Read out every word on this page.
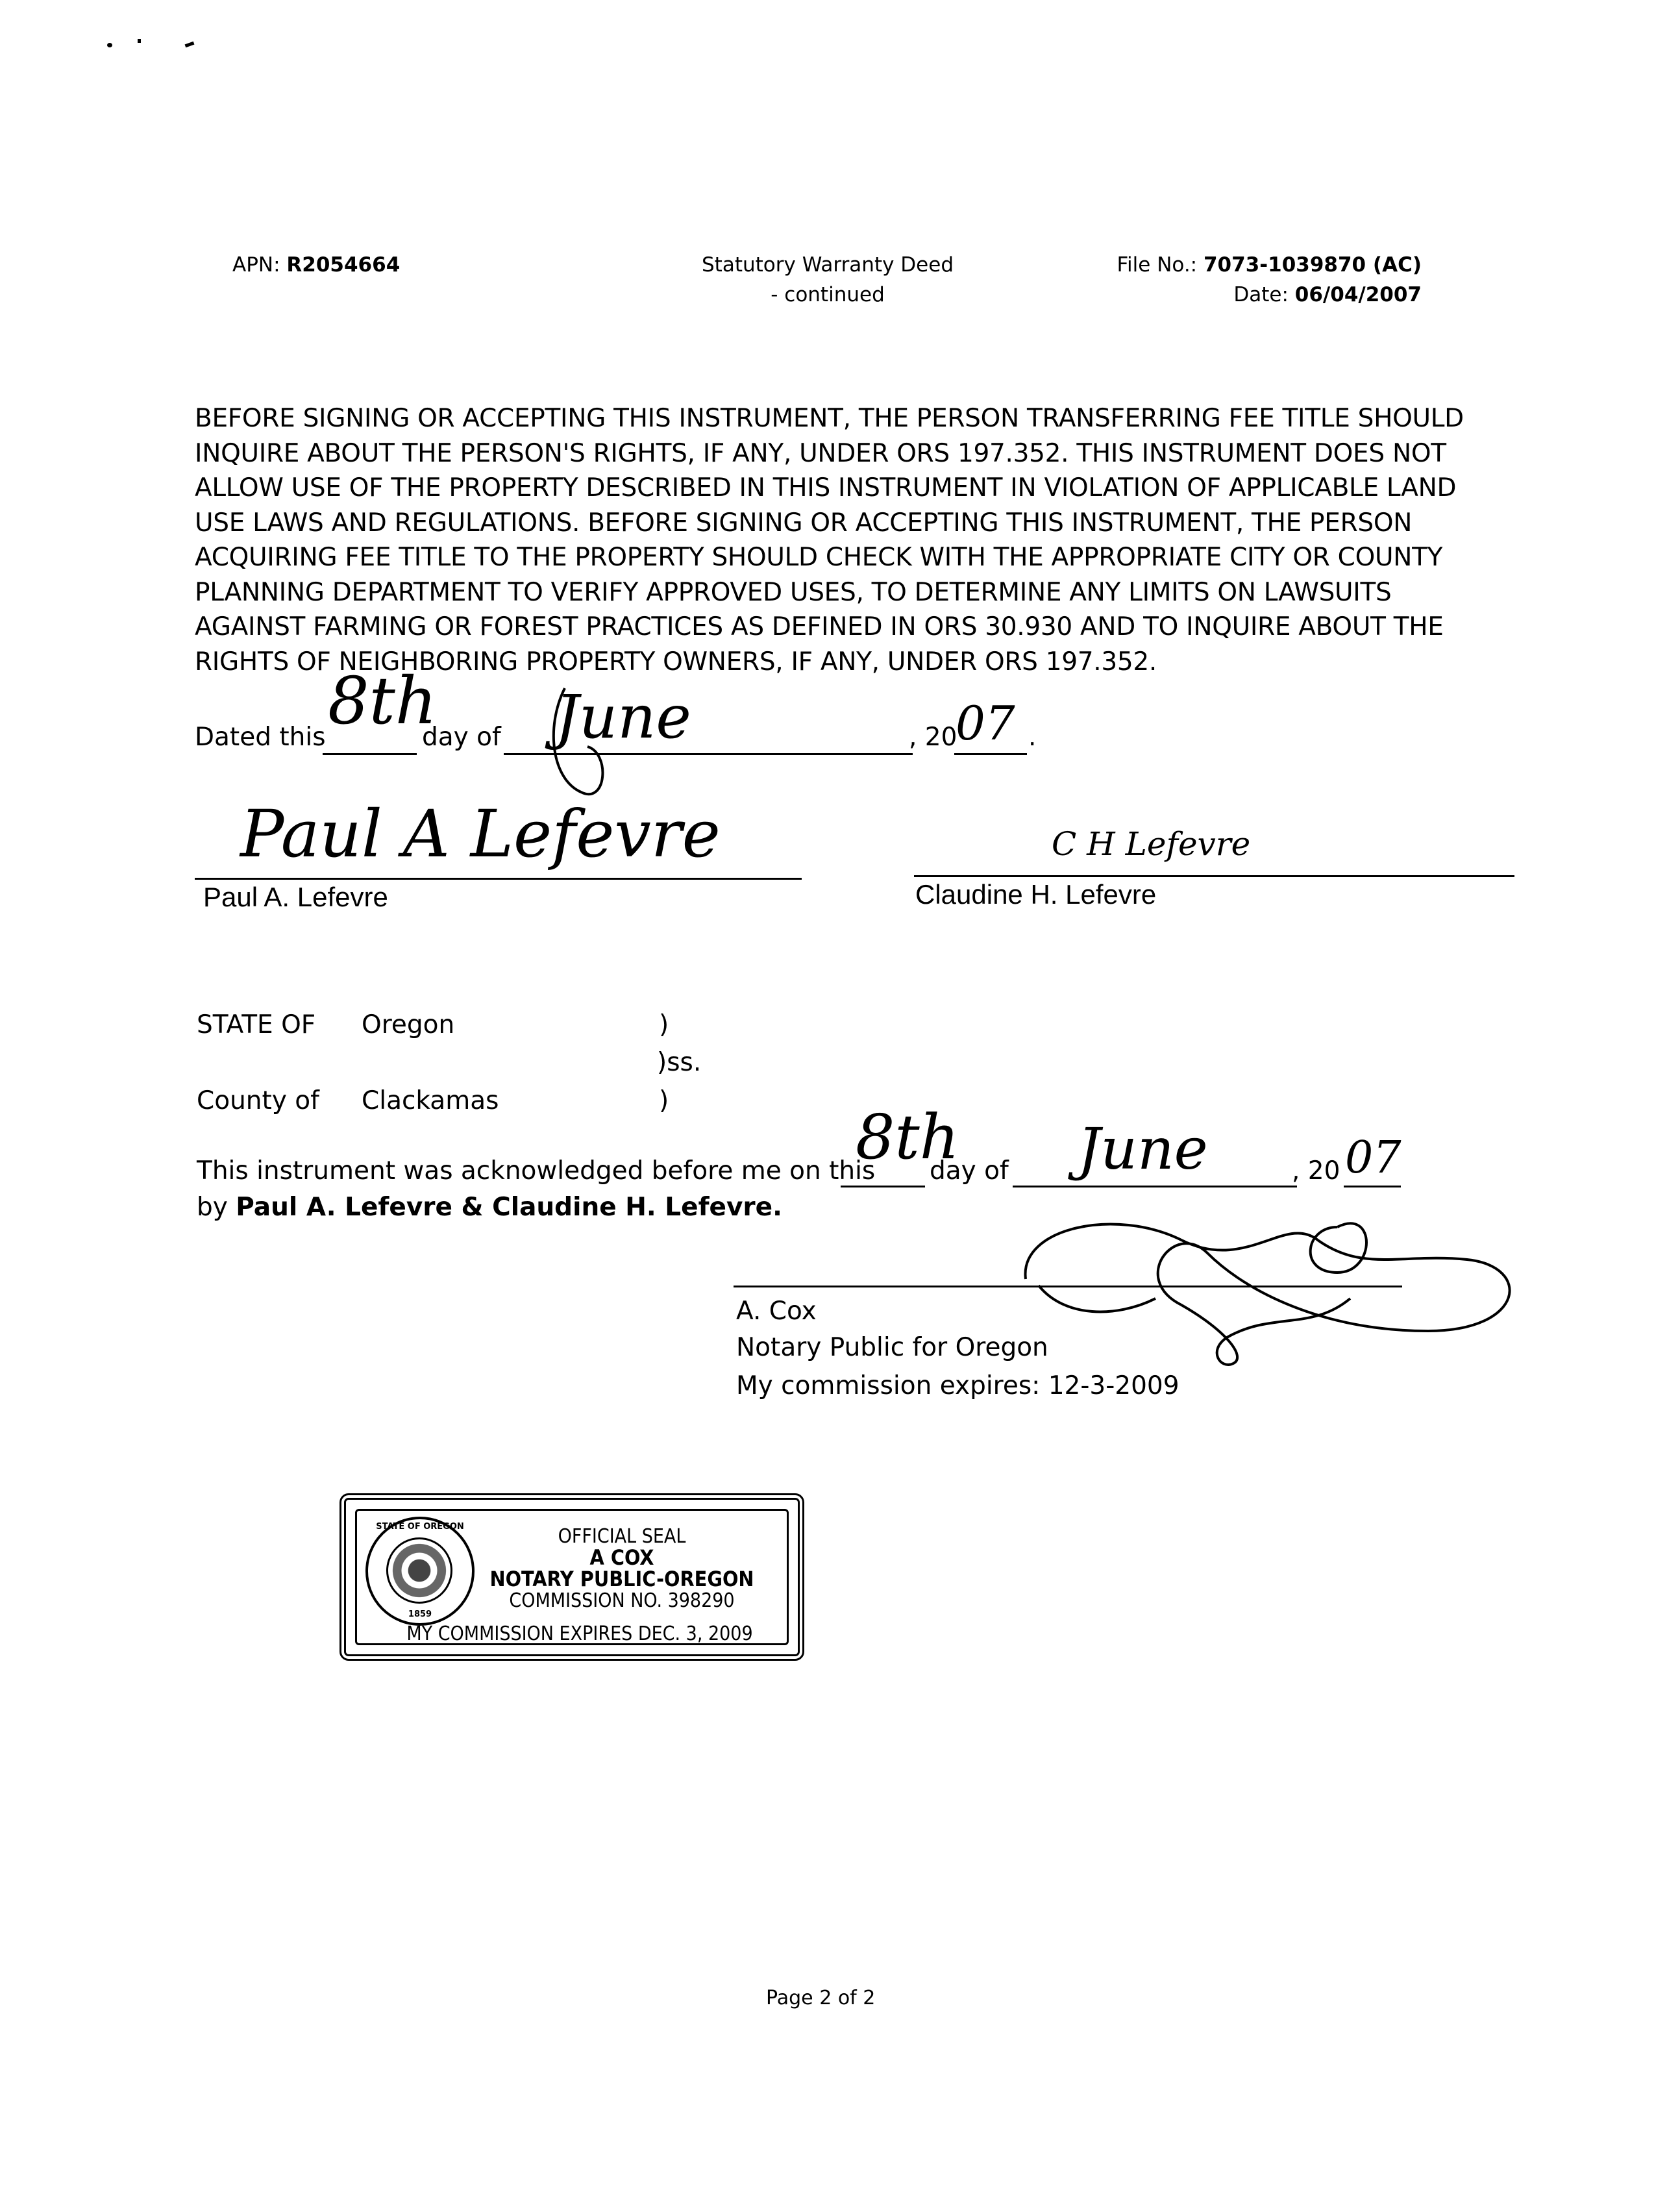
APN: R2054664	Statutory Warranty Deed
- continued
File No.: 7073-1039870 (AC)
Date: 06/04/2007
BEFORE SIGNING OR ACCEPTING THIS INSTRUMENT, THE PERSON TRANSFERRING FEE TITLE SHOULD
INQUIRE ABOUT THE PERSON'S RIGHTS, IF ANY, UNDER ORS 197.352. THIS INSTRUMENT DOES NOT
ALLOW USE OF THE PROPERTY DESCRIBED IN THIS INSTRUMENT IN VIOLATION OF APPLICABLE LAND
USE LAWS AND REGULATIONS. BEFORE SIGNING OR ACCEPTING THIS INSTRUMENT, THE PERSON
ACQUIRING FEE TITLE TO THE PROPERTY SHOULD CHECK WITH THE APPROPRIATE CITY OR COUNTY
PLANNING DEPARTMENT TO VERIFY APPROVED USES, TO DETERMINE ANY LIMITS ON LAWSUITS
AGAINST FARMING OR FOREST PRACTICES AS DEFINED IN ORS 30.930 AND TO INQUIRE ABOUT THE
RIGHTS OF NEIGHBORING PROPERTY OWNERS, IF ANY, UNDER ORS 197.352.
Dated this	day of	, 20	.
8th June	07
Paul A Lefevre
Paul A. Lefevre
C H Lefevre
Claudine H. Lefevre
STATE OF Oregon	)
)ss.
County of Clackamas	)
This instrument was acknowledged before me on this day of	, 20
8th June	07
by Paul A. Lefevre & Claudine H. Lefevre.
A. Cox
Notary Public for Oregon
My commission expires: 12-3-2009
STATE OF OREGON
1859
OFFICIAL SEAL
A COX
NOTARY PUBLIC-OREGON
COMMISSION NO. 398290
MY COMMISSION EXPIRES DEC. 3, 2009
Page 2 of 2
